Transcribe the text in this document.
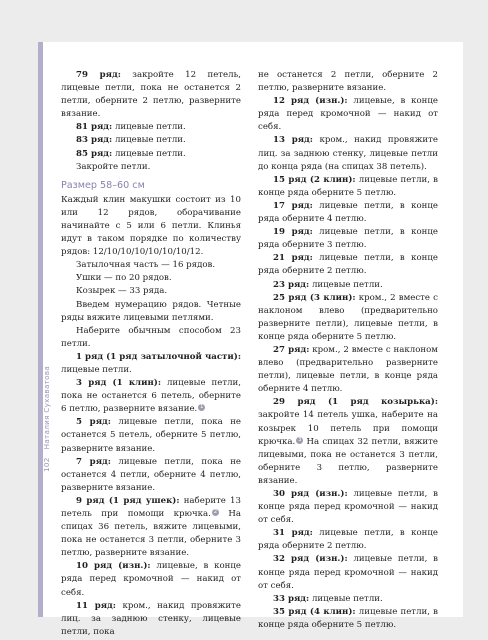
102Наталия Сухаватова

79 ряд: закройте 12 петель, лицевые петли, пока не останется 2 петли, оберните 2 петлю, разверните вязание.

81 ряд: лицевые петли.

83 ряд: лицевые петли.

85 ряд: лицевые петли.

Закройте петли.

Размер 58–60 см

Каждый клин макушки состоит из 10 или 12 рядов, оборачивание начинайте с 5 или 6 петли. Клинья идут в таком порядке по количеству рядов: 12/10/10/10/10/10/10/12.

Затылочная часть — 16 рядов.

Ушки — по 20 рядов.

Козырек — 33 ряда.

Введем нумерацию рядов. Четные ряды вяжите лицевыми петлями.

Наберите обычным способом 23 петли.

1 ряд (1 ряд затылочной части): лицевые петли.

3 ряд (1 клин): лицевые петли, пока не останется 6 петель, оберните 6 петлю, разверните вязание. 1

5 ряд: лицевые петли, пока не останется 5 петель, оберните 5 петлю, разверните вязание.

7 ряд: лицевые петли, пока не останется 4 петли, оберните 4 петлю, разверните вязание.

9 ряд (1 ряд ушек): наберите 13 петель при помощи крючка. 2 На спицах 36 петель, вяжите лицевыми, пока не останется 3 петли, оберните 3 петлю, разверните вязание.

10 ряд (изн.): лицевые, в конце ряда перед кромочной — накид от себя.

11 ряд: кром., накид провяжите лиц. за заднюю стенку, лицевые петли, пока

не останется 2 петли, оберните 2 петлю, разверните вязание.

12 ряд (изн.): лицевые, в конце ряда перед кромочной — накид от себя.

13 ряд: кром., накид провяжите лиц. за заднюю стенку, лицевые петли до конца ряда (на спицах 38 петель).

15 ряд (2 клин): лицевые петли, в конце ряда оберните 5 петлю.

17 ряд: лицевые петли, в конце ряда оберните 4 петлю.

19 ряд: лицевые петли, в конце ряда оберните 3 петлю.

21 ряд: лицевые петли, в конце ряда оберните 2 петлю.

23 ряд: лицевые петли.

25 ряд (3 клин): кром., 2 вместе с наклоном влево (предварительно разверните петли), лицевые петли, в конце ряда оберните 5 петлю.

27 ряд: кром., 2 вместе с наклоном влево (предварительно разверните петли), лицевые петли, в конце ряда оберните 4 петлю.

29 ряд (1 ряд козырька): закройте 14 петель ушка, наберите на козырек 10 петель при помощи крючка. 3 На спицах 32 петли, вяжите лицевыми, пока не останется 3 петли, оберните 3 петлю, разверните вязание.

30 ряд (изн.): лицевые петли, в конце ряда перед кромочной — накид от себя.

31 ряд: лицевые петли, в конце ряда оберните 2 петлю.

32 ряд (изн.): лицевые петли, в конце ряда перед кромочной — накид от себя.

33 ряд: лицевые петли.

35 ряд (4 клин): лицевые петли, в конце ряда оберните 5 петлю.
